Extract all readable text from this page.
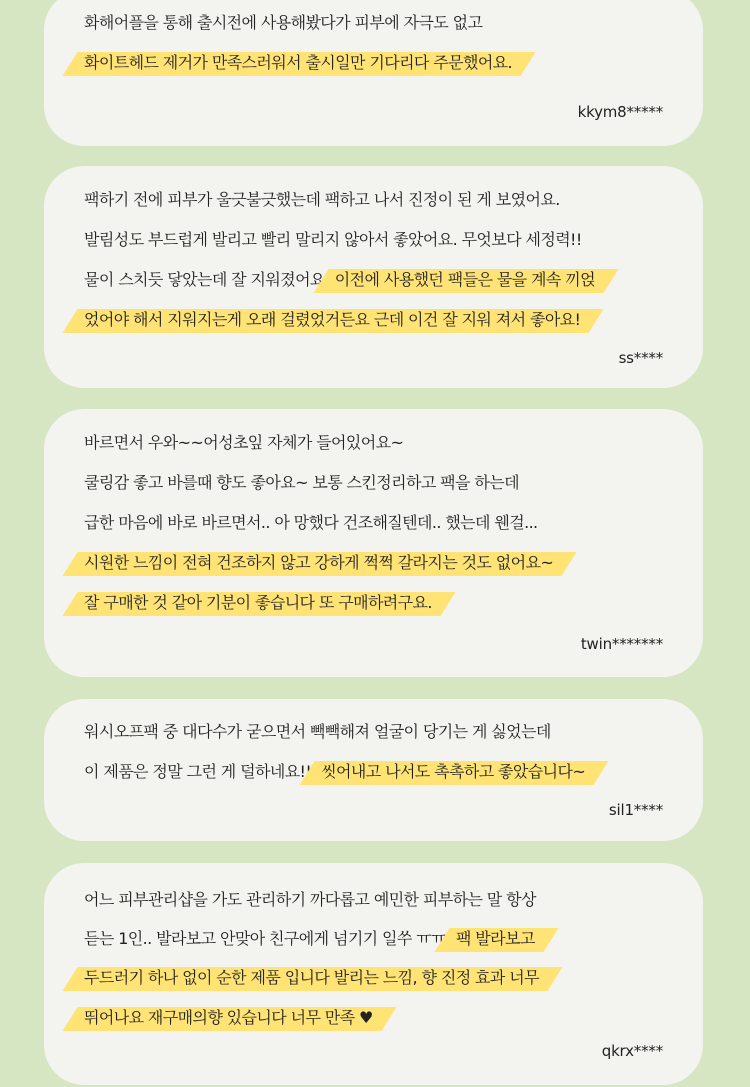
화해어플을 통해 출시전에 사용해봤다가 피부에 자극도 없고
화이트헤드 제거가 만족스러워서 출시일만 기다리다 주문했어요.
kkym8*****
팩하기 전에 피부가 울긋불긋했는데 팩하고 나서 진정이 된 게 보였어요.
발림성도 부드럽게 발리고 빨리 말리지 않아서 좋았어요. 무엇보다 세정력!!
물이 스치듯 닿았는데 잘 지워졌어요 이전에 사용했던 팩들은 물을 계속 끼얹
었어야 해서 지워지는게 오래 걸렸었거든요 근데 이건 잘 지워 져서 좋아요!
ss****
바르면서 우와~~어성초잎 자체가 들어있어요~
쿨링감 좋고 바를때 향도 좋아요~ 보통 스킨정리하고 팩을 하는데
급한 마음에 바로 바르면서.. 아 망했다 건조해질텐데.. 했는데 웬걸...
시원한 느낌이 전혀 건조하지 않고 강하게 쩍쩍 갈라지는 것도 없어요~
잘 구매한 것 같아 기분이 좋습니다 또 구매하려구요.
twin*******
워시오프팩 중 대다수가 굳으면서 빽빽해져 얼굴이 당기는 게 싫었는데
이 제품은 정말 그런 게 덜하네요!! 씻어내고 나서도 촉촉하고 좋았습니다~
sil1****
어느 피부관리샵을 가도 관리하기 까다롭고 예민한 피부하는 말 항상
듣는 1인.. 발라보고 안맞아 친구에게 넘기기 일쑤 ㅠㅠ 팩 발라보고
두드러기 하나 없이 순한 제품 입니다 발리는 느낌, 향 진정 효과 너무
뛰어나요 재구매의향 있습니다 너무 만족 ♥
qkrx****
